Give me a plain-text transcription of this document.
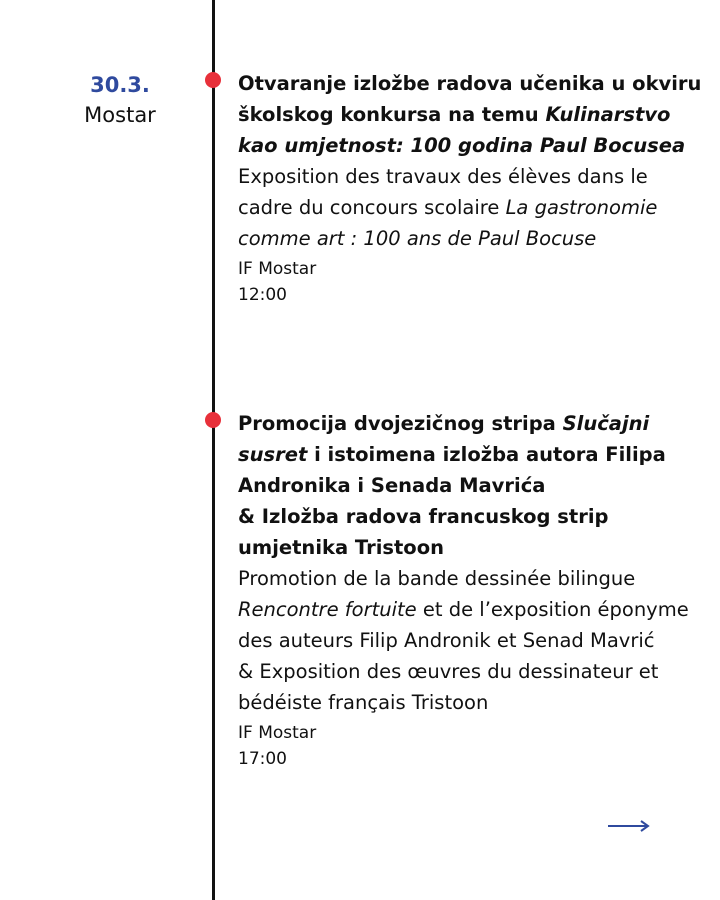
30.3.
Mostar
Otvaranje izložbe radova učenika u okviru školskog konkursa na temu Kulinarstvo kao umjetnost: 100 godina Paul Bocusea
Exposition des travaux des élèves dans le cadre du concours scolaire La gastronomie comme art : 100 ans de Paul Bocuse
IF Mostar
12:00
Promocija dvojezičnog stripa Slučajni susret i istoimena izložba autora Filipa Andronika i Senada Mavrića
& Izložba radova francuskog strip umjetnika Tristoon
Promotion de la bande dessinée bilingue Rencontre fortuite et de l’exposition éponyme des auteurs Filip Andronik et Senad Mavrić
& Exposition des œuvres du dessinateur et bédéiste français Tristoon
IF Mostar
17:00
